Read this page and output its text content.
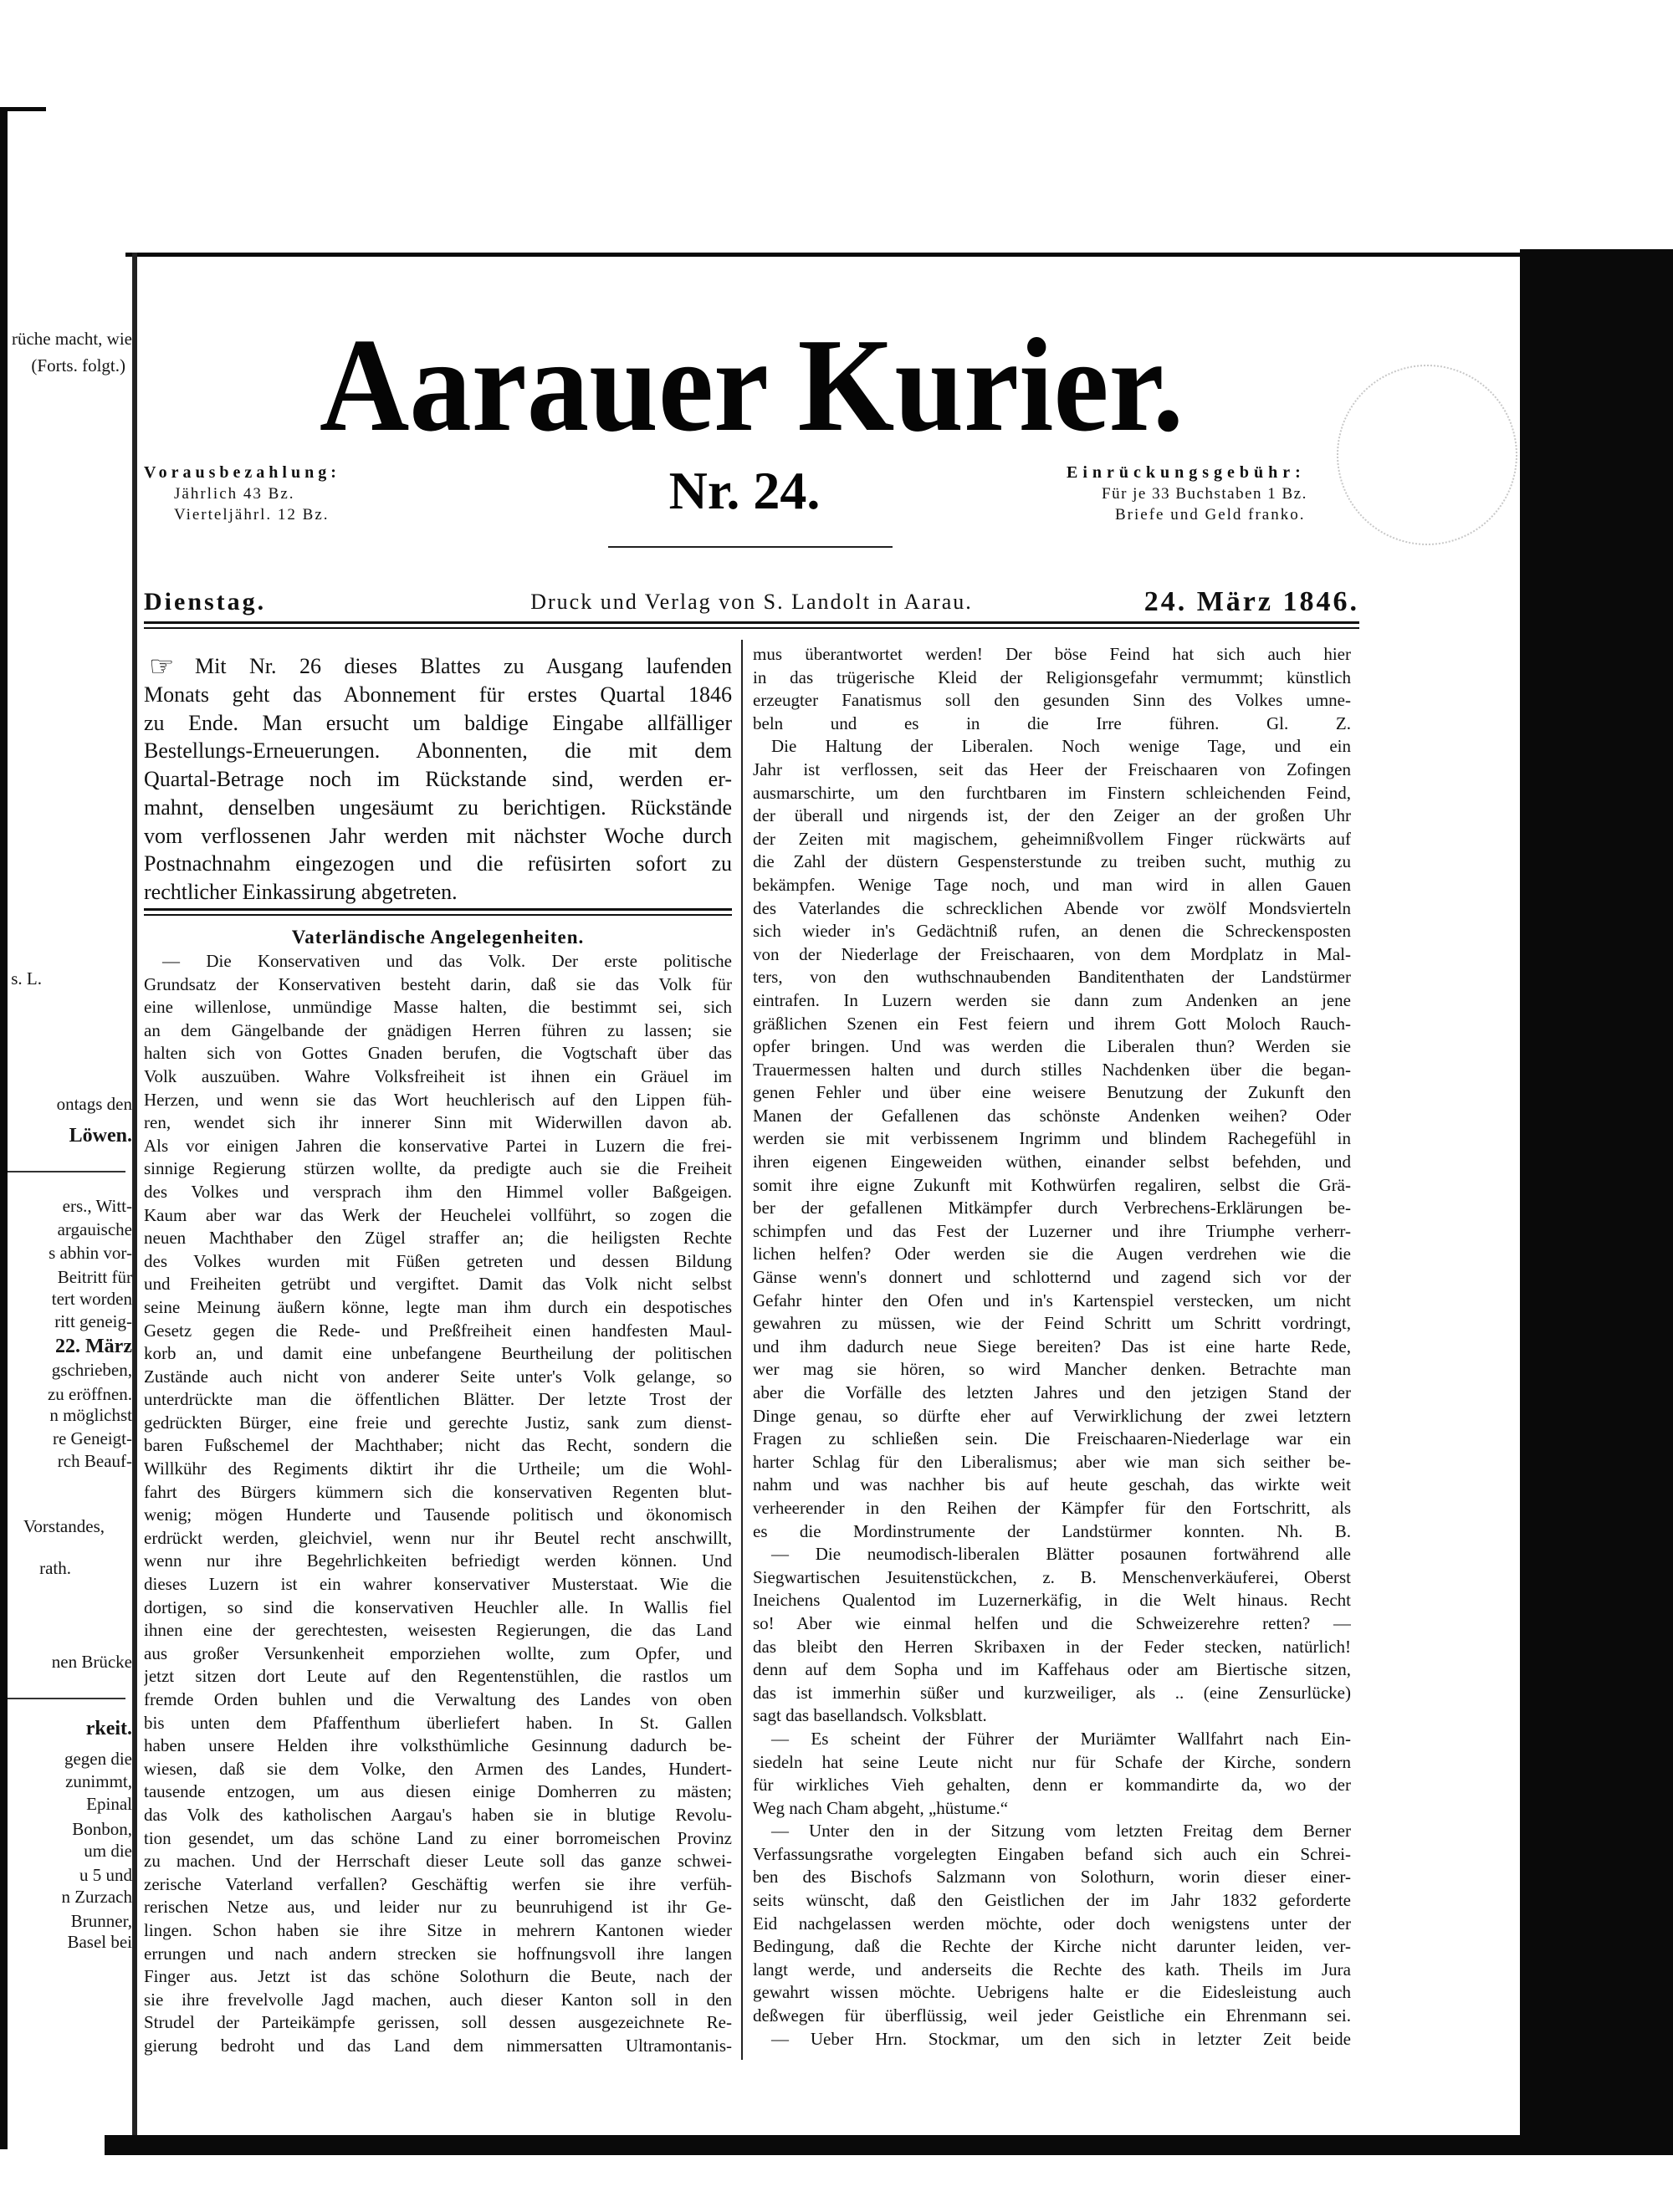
rüche macht, wie
(Forts. folgt.)
s. L.
ontags den
Löwen.
ers., Witt-
argauische
s abhin vor-
Beitritt für
tert worden
ritt geneig-
22. März
gschrieben,
zu eröffnen.
n möglichst
re Geneigt-
rch Beauf-
Vorstandes,
rath.
nen Brücke
rkeit.
gegen die
zunimmt,
Epinal
Bonbon,
um die
u 5 und
n Zurzach
Brunner,
Basel bei
Aarauer Kurier.
Vorausbezahlung:
Jährlich 43 Bz.
Vierteljährl. 12 Bz.	Nr. 24.	Einrückungsgebühr:
Für je 33 Buchstaben 1 Bz.
Briefe und Geld franko.
Druck und Verlag von S. Landolt in Aarau.
Dienstag.	24. März 1846.
☞ Mit Nr. 26 dieses Blattes zu Ausgang laufenden
Monats geht das Abonnement für erstes Quartal 1846
zu Ende. Man ersucht um baldige Eingabe allfälliger
Bestellungs-Erneuerungen. Abonnenten, die mit dem
Quartal-Betrage noch im Rückstande sind, werden er-
mahnt, denselben ungesäumt zu berichtigen. Rückstände
vom verflossenen Jahr werden mit nächster Woche durch
Postnachnahm eingezogen und die refüsirten sofort zu
rechtlicher Einkassirung abgetreten.
Vaterländische Angelegenheiten.
— Die Konservativen und das Volk. Der erste politische
Grundsatz der Konservativen besteht darin, daß sie das Volk für
eine willenlose, unmündige Masse halten, die bestimmt sei, sich
an dem Gängelbande der gnädigen Herren führen zu lassen; sie
halten sich von Gottes Gnaden berufen, die Vogtschaft über das
Volk auszuüben. Wahre Volksfreiheit ist ihnen ein Gräuel im
Herzen, und wenn sie das Wort heuchlerisch auf den Lippen füh-
ren, wendet sich ihr innerer Sinn mit Widerwillen davon ab.
Als vor einigen Jahren die konservative Partei in Luzern die frei-
sinnige Regierung stürzen wollte, da predigte auch sie die Freiheit
des Volkes und versprach ihm den Himmel voller Baßgeigen.
Kaum aber war das Werk der Heuchelei vollführt, so zogen die
neuen Machthaber den Zügel straffer an; die heiligsten Rechte
des Volkes wurden mit Füßen getreten und dessen Bildung
und Freiheiten getrübt und vergiftet. Damit das Volk nicht selbst
seine Meinung äußern könne, legte man ihm durch ein despotisches
Gesetz gegen die Rede- und Preßfreiheit einen handfesten Maul-
korb an, und damit eine unbefangene Beurtheilung der politischen
Zustände auch nicht von anderer Seite unter's Volk gelange, so
unterdrückte man die öffentlichen Blätter. Der letzte Trost der
gedrückten Bürger, eine freie und gerechte Justiz, sank zum dienst-
baren Fußschemel der Machthaber; nicht das Recht, sondern die
Willkühr des Regiments diktirt ihr die Urtheile; um die Wohl-
fahrt des Bürgers kümmern sich die konservativen Regenten blut-
wenig; mögen Hunderte und Tausende politisch und ökonomisch
erdrückt werden, gleichviel, wenn nur ihr Beutel recht anschwillt,
wenn nur ihre Begehrlichkeiten befriedigt werden können. Und
dieses Luzern ist ein wahrer konservativer Musterstaat. Wie die
dortigen, so sind die konservativen Heuchler alle. In Wallis fiel
ihnen eine der gerechtesten, weisesten Regierungen, die das Land
aus großer Versunkenheit emporziehen wollte, zum Opfer, und
jetzt sitzen dort Leute auf den Regentenstühlen, die rastlos um
fremde Orden buhlen und die Verwaltung des Landes von oben
bis unten dem Pfaffenthum überliefert haben. In St. Gallen
haben unsere Helden ihre volksthümliche Gesinnung dadurch be-
wiesen, daß sie dem Volke, den Armen des Landes, Hundert-
tausende entzogen, um aus diesen einige Domherren zu mästen;
das Volk des katholischen Aargau's haben sie in blutige Revolu-
tion gesendet, um das schöne Land zu einer borromeischen Provinz
zu machen. Und der Herrschaft dieser Leute soll das ganze schwei-
zerische Vaterland verfallen? Geschäftig werfen sie ihre verfüh-
rerischen Netze aus, und leider nur zu beunruhigend ist ihr Ge-
lingen. Schon haben sie ihre Sitze in mehrern Kantonen wieder
errungen und nach andern strecken sie hoffnungsvoll ihre langen
Finger aus. Jetzt ist das schöne Solothurn die Beute, nach der
sie ihre frevelvolle Jagd machen, auch dieser Kanton soll in den
Strudel der Parteikämpfe gerissen, soll dessen ausgezeichnete Re-
gierung bedroht und das Land dem nimmersatten Ultramontanis-
mus überantwortet werden! Der böse Feind hat sich auch hier
in das trügerische Kleid der Religionsgefahr vermummt; künstlich
erzeugter Fanatismus soll den gesunden Sinn des Volkes umne-
beln und es in die Irre führen. Gl. Z.
Die Haltung der Liberalen. Noch wenige Tage, und ein
Jahr ist verflossen, seit das Heer der Freischaaren von Zofingen
ausmarschirte, um den furchtbaren im Finstern schleichenden Feind,
der überall und nirgends ist, der den Zeiger an der großen Uhr
der Zeiten mit magischem, geheimnißvollem Finger rückwärts auf
die Zahl der düstern Gespensterstunde zu treiben sucht, muthig zu
bekämpfen. Wenige Tage noch, und man wird in allen Gauen
des Vaterlandes die schrecklichen Abende vor zwölf Mondsvierteln
sich wieder in's Gedächtniß rufen, an denen die Schreckensposten
von der Niederlage der Freischaaren, von dem Mordplatz in Mal-
ters, von den wuthschnaubenden Banditenthaten der Landstürmer
eintrafen. In Luzern werden sie dann zum Andenken an jene
gräßlichen Szenen ein Fest feiern und ihrem Gott Moloch Rauch-
opfer bringen. Und was werden die Liberalen thun? Werden sie
Trauermessen halten und durch stilles Nachdenken über die began-
genen Fehler und über eine weisere Benutzung der Zukunft den
Manen der Gefallenen das schönste Andenken weihen? Oder
werden sie mit verbissenem Ingrimm und blindem Rachegefühl in
ihren eigenen Eingeweiden wüthen, einander selbst befehden, und
somit ihre eigne Zukunft mit Kothwürfen regaliren, selbst die Grä-
ber der gefallenen Mitkämpfer durch Verbrechens-Erklärungen be-
schimpfen und das Fest der Luzerner und ihre Triumphe verherr-
lichen helfen? Oder werden sie die Augen verdrehen wie die
Gänse wenn's donnert und schlotternd und zagend sich vor der
Gefahr hinter den Ofen und in's Kartenspiel verstecken, um nicht
gewahren zu müssen, wie der Feind Schritt um Schritt vordringt,
und ihm dadurch neue Siege bereiten? Das ist eine harte Rede,
wer mag sie hören, so wird Mancher denken. Betrachte man
aber die Vorfälle des letzten Jahres und den jetzigen Stand der
Dinge genau, so dürfte eher auf Verwirklichung der zwei letztern
Fragen zu schließen sein. Die Freischaaren-Niederlage war ein
harter Schlag für den Liberalismus; aber wie man sich seither be-
nahm und was nachher bis auf heute geschah, das wirkte weit
verheerender in den Reihen der Kämpfer für den Fortschritt, als
es die Mordinstrumente der Landstürmer konnten. Nh. B.
— Die neumodisch-liberalen Blätter posaunen fortwährend alle
Siegwartischen Jesuitenstückchen, z. B. Menschenverkäuferei, Oberst
Ineichens Qualentod im Luzernerkäfig, in die Welt hinaus. Recht
so! Aber wie einmal helfen und die Schweizerehre retten? —
das bleibt den Herren Skribaxen in der Feder stecken, natürlich!
denn auf dem Sopha und im Kaffehaus oder am Biertische sitzen,
das ist immerhin süßer und kurzweiliger, als .. (eine Zensurlücke)
sagt das basellandsch. Volksblatt.
— Es scheint der Führer der Muriämter Wallfahrt nach Ein-
siedeln hat seine Leute nicht nur für Schafe der Kirche, sondern
für wirkliches Vieh gehalten, denn er kommandirte da, wo der
Weg nach Cham abgeht, „hüstume.“
— Unter den in der Sitzung vom letzten Freitag dem Berner
Verfassungsrathe vorgelegten Eingaben befand sich auch ein Schrei-
ben des Bischofs Salzmann von Solothurn, worin dieser einer-
seits wünscht, daß den Geistlichen der im Jahr 1832 geforderte
Eid nachgelassen werden möchte, oder doch wenigstens unter der
Bedingung, daß die Rechte der Kirche nicht darunter leiden, ver-
langt werde, und anderseits die Rechte des kath. Theils im Jura
gewahrt wissen möchte. Uebrigens halte er die Eidesleistung auch
deßwegen für überflüssig, weil jeder Geistliche ein Ehrenmann sei.
— Ueber Hrn. Stockmar, um den sich in letzter Zeit beide
